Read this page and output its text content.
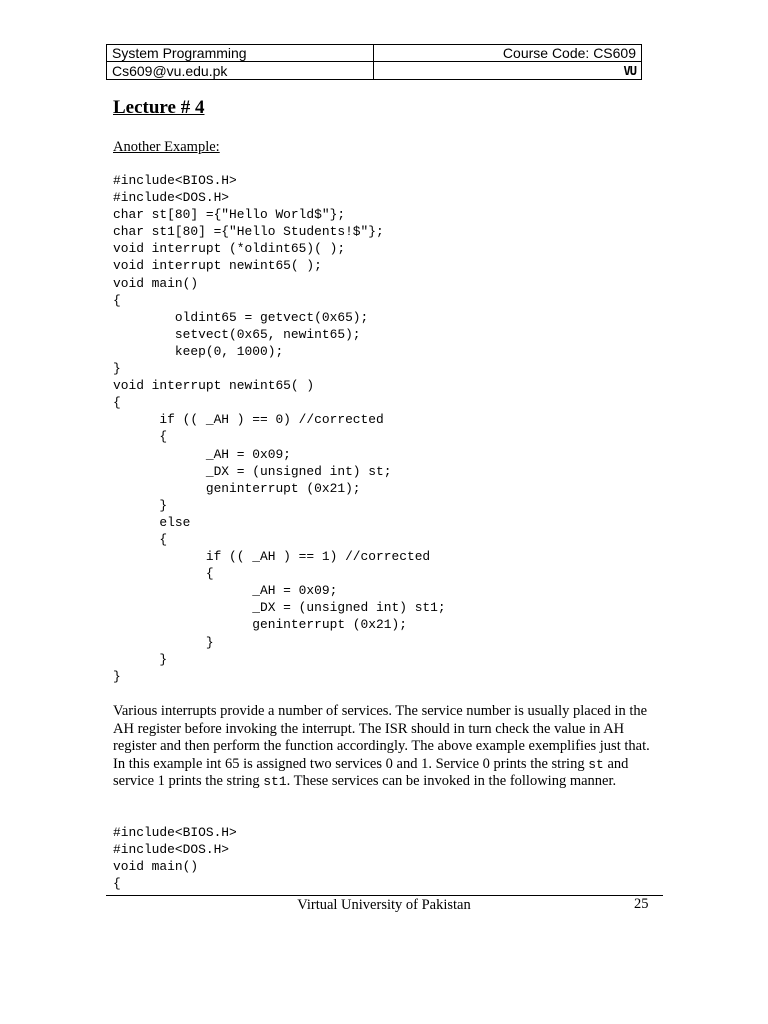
System Programming	Course Code: CS609
Cs609@vu.edu.pk	VU
Lecture # 4

Another Example:

#include<BIOS.H>
#include<DOS.H>
char st[80] ={"Hello World$"};
char st1[80] ={"Hello Students!$"};
void interrupt (*oldint65)( );
void interrupt newint65( );
void main()
{
oldint65 = getvect(0x65);
setvect(0x65, newint65);
keep(0, 1000);
}
void interrupt newint65( )
{
if (( _AH ) == 0) //corrected
{
_AH = 0x09;
_DX = (unsigned int) st;
geninterrupt (0x21);
}
else
{
if (( _AH ) == 1) //corrected
{
_AH = 0x09;
_DX = (unsigned int) st1;
geninterrupt (0x21);
}
}
}

Various interrupts provide a number of services. The service number is usually placed in the AH register before invoking the interrupt. The ISR should in turn check the value in AH register and then perform the function accordingly. The above example exemplifies just that. In this example int 65 is assigned two services 0 and 1. Service 0 prints the string st and service 1 prints the string st1. These services can be invoked in the following manner.

#include<BIOS.H>
#include<DOS.H>
void main()
{
Virtual University of Pakistan	25
